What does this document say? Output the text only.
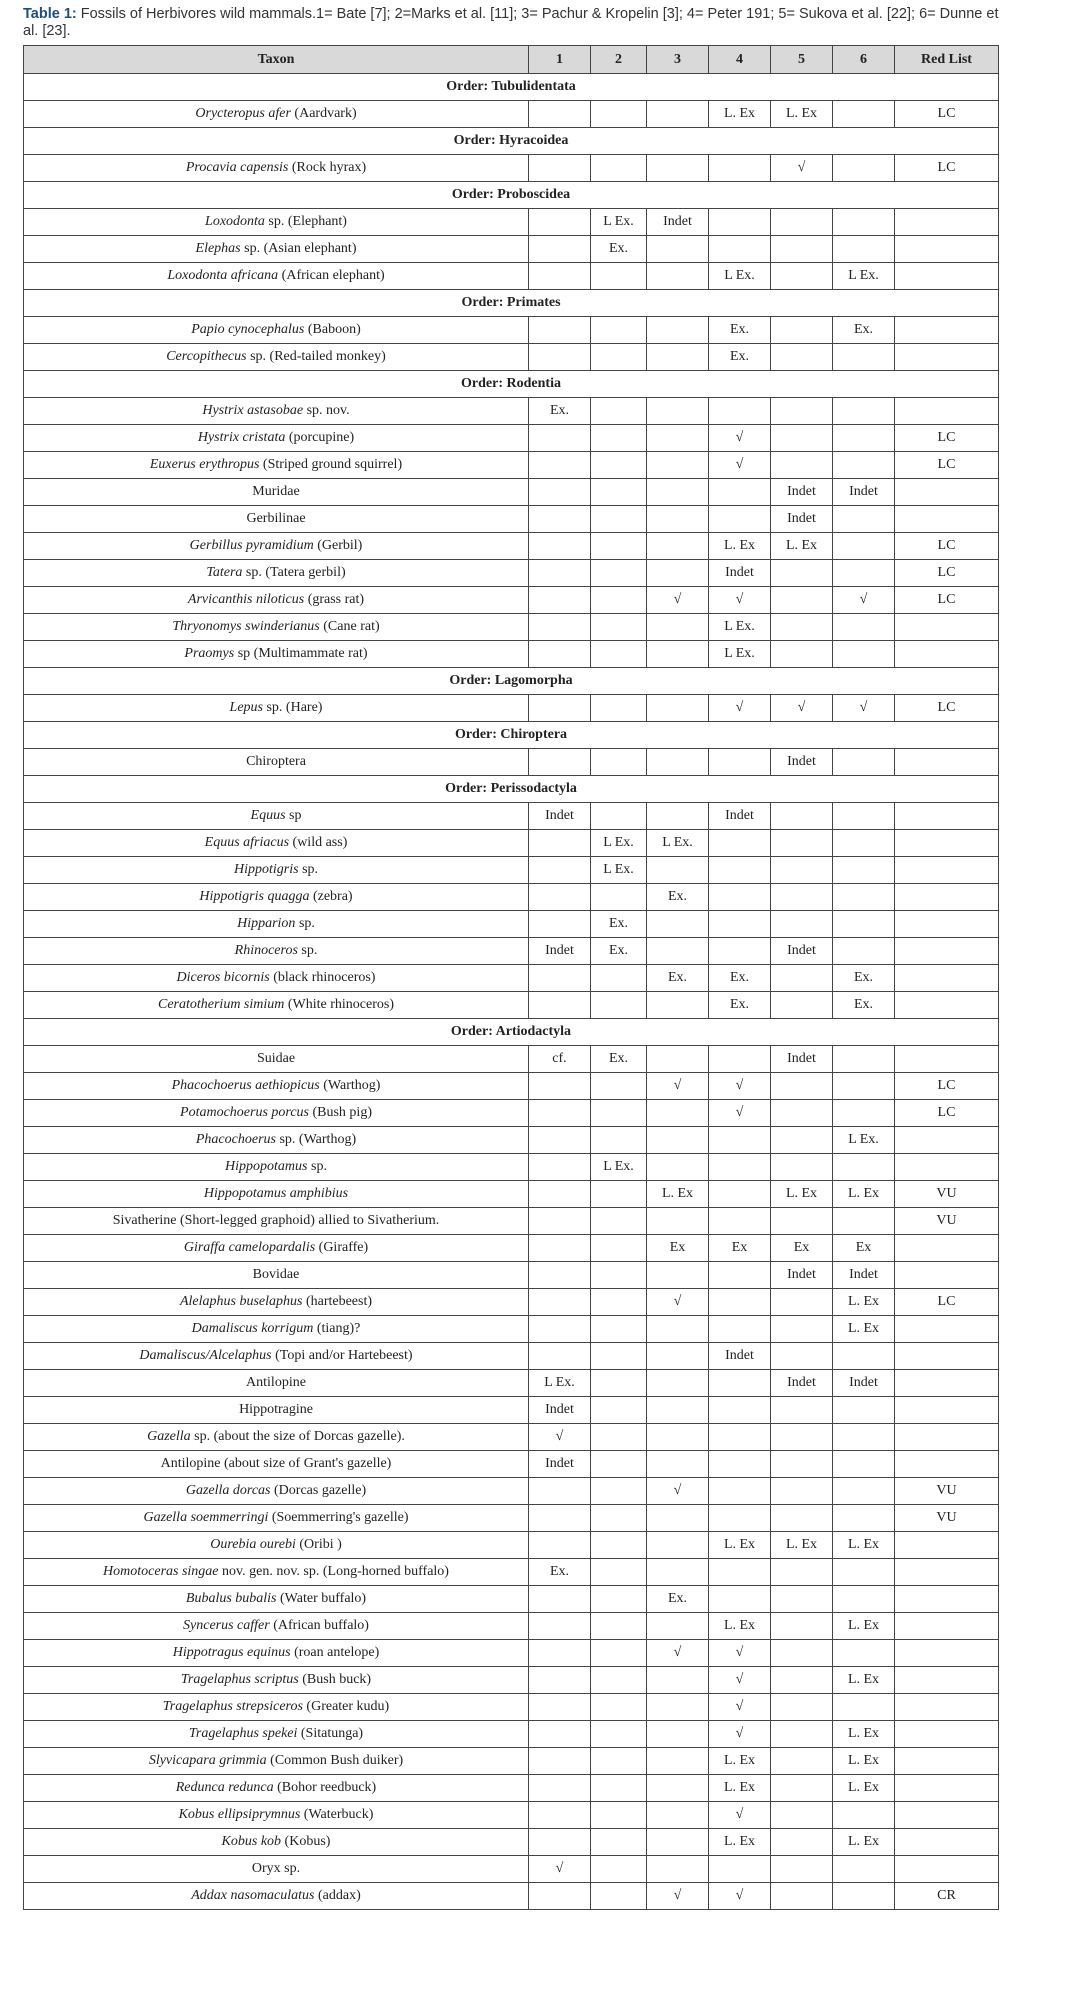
Table 1: Fossils of Herbivores wild mammals.1= Bate [7]; 2=Marks et al. [11]; 3= Pachur & Kropelin [3]; 4= Peter 191; 5= Sukova et al. [22]; 6= Dunne et al. [23].
Taxon	1	2	3	4	5	6	Red List
Order: Tubulidentata							
Orycteropus afer (Aardvark)				L. Ex	L. Ex		LC
Order: Hyracoidea							
Procavia capensis (Rock hyrax)					√		LC
Order: Proboscidea							
Loxodonta sp. (Elephant)		L Ex.	Indet				
Elephas sp. (Asian elephant)		Ex.					
Loxodonta africana (African elephant)				L Ex.		L Ex.	
Order: Primates							
Papio cynocephalus (Baboon)				Ex.		Ex.	
Cercopithecus sp. (Red-tailed monkey)				Ex.			
Order: Rodentia							
Hystrix astasobae sp. nov.	Ex.						
Hystrix cristata (porcupine)				√			LC
Euxerus erythropus (Striped ground squirrel)				√			LC
Muridae					Indet	Indet	
Gerbilinae					Indet		
Gerbillus pyramidium (Gerbil)				L. Ex	L. Ex		LC
Tatera sp. (Tatera gerbil)				Indet			LC
Arvicanthis niloticus (grass rat)			√	√		√	LC
Thryonomys swinderianus (Cane rat)				L Ex.			
Praomys sp (Multimammate rat)				L Ex.			
Order: Lagomorpha							
Lepus sp. (Hare)				√	√	√	LC
Order: Chiroptera							
Chiroptera					Indet		
Order: Perissodactyla							
Equus sp	Indet			Indet			
Equus afriacus (wild ass)		L Ex.	L Ex.				
Hippotigris sp.		L Ex.					
Hippotigris quagga (zebra)			Ex.				
Hipparion sp.		Ex.					
Rhinoceros sp.	Indet	Ex.			Indet		
Diceros bicornis (black rhinoceros)			Ex.	Ex.		Ex.	
Ceratotherium simium (White rhinoceros)				Ex.		Ex.	
Order: Artiodactyla							
Suidae	cf.	Ex.			Indet		
Phacochoerus aethiopicus (Warthog)			√	√			LC
Potamochoerus porcus (Bush pig)				√			LC
Phacochoerus sp. (Warthog)						L Ex.	
Hippopotamus sp.		L Ex.					
Hippopotamus amphibius			L. Ex		L. Ex	L. Ex	VU
Sivatherine (Short-legged graphoid) allied to Sivatherium.							VU
Giraffa camelopardalis (Giraffe)			Ex	Ex	Ex	Ex	
Bovidae					Indet	Indet	
Alelaphus buselaphus (hartebeest)			√			L. Ex	LC
Damaliscus korrigum (tiang)?						L. Ex	
Damaliscus/Alcelaphus (Topi and/or Hartebeest)				Indet			
Antilopine	L Ex.				Indet	Indet	
Hippotragine	Indet						
Gazella sp. (about the size of Dorcas gazelle).	√						
Antilopine (about size of Grant's gazelle)	Indet						
Gazella dorcas (Dorcas gazelle)			√				VU
Gazella soemmerringi (Soemmerring's gazelle)							VU
Ourebia ourebi (Oribi )				L. Ex	L. Ex	L. Ex	
Homotoceras singae nov. gen. nov. sp. (Long-horned buffalo)	Ex.						
Bubalus bubalis (Water buffalo)			Ex.				
Syncerus caffer (African buffalo)				L. Ex		L. Ex	
Hippotragus equinus (roan antelope)			√	√			
Tragelaphus scriptus (Bush buck)				√		L. Ex	
Tragelaphus strepsiceros (Greater kudu)				√			
Tragelaphus spekei (Sitatunga)				√		L. Ex	
Slyvicapara grimmia (Common Bush duiker)				L. Ex		L. Ex	
Redunca redunca (Bohor reedbuck)				L. Ex		L. Ex	
Kobus ellipsiprymnus (Waterbuck)				√			
Kobus kob (Kobus)				L. Ex		L. Ex	
Oryx sp.	√						
Addax nasomaculatus (addax)			√	√			CR
